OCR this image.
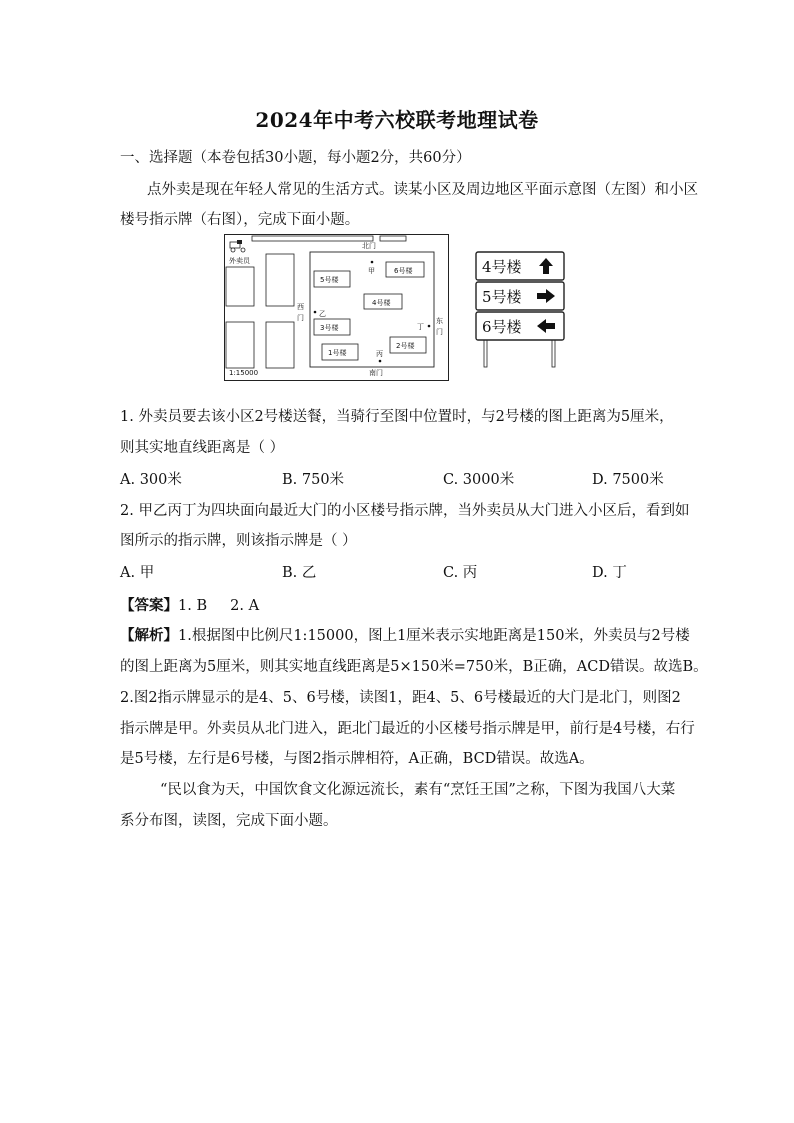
2024年中考六校联考地理试卷
一、选择题（本卷包括30小题，每小题2分，共60分）
点外卖是现在年轻人常见的生活方式。读某小区及周边地区平面示意图（左图）和小区
楼号指示牌（右图），完成下面小题。
外卖员
北门
南门
西
门	东
门
5号楼
6号楼
4号楼
3号楼
1号楼
2号楼
甲
乙
丙
丁
1:15000
4号楼
5号楼
6号楼
1. 外卖员要去该小区2号楼送餐，当骑行至图中位置时，与2号楼的图上距离为5厘米，
则其实地直线距离是（ ）
A. 300米	B. 750米	C. 3000米	D. 7500米
2. 甲乙丙丁为四块面向最近大门的小区楼号指示牌，当外卖员从大门进入小区后，看到如
图所示的指示牌，则该指示牌是（ ）
A. 甲	B. 乙	C. 丙	D. 丁
【答案】1. B     2. A
【解析】1.根据图中比例尺1:15000，图上1厘米表示实地距离是150米，外卖员与2号楼
的图上距离为5厘米，则其实地直线距离是5×150米=750米，B正确，ACD错误。故选B。
2.图2指示牌显示的是4、5、6号楼，读图1，距4、5、6号楼最近的大门是北门，则图2
指示牌是甲。外卖员从北门进入，距北门最近的小区楼号指示牌是甲，前行是4号楼，右行
是5号楼，左行是6号楼，与图2指示牌相符，A正确，BCD错误。故选A。
“民以食为天，中国饮食文化源远流长，素有“烹饪王国”之称，下图为我国八大菜
系分布图，读图，完成下面小题。
